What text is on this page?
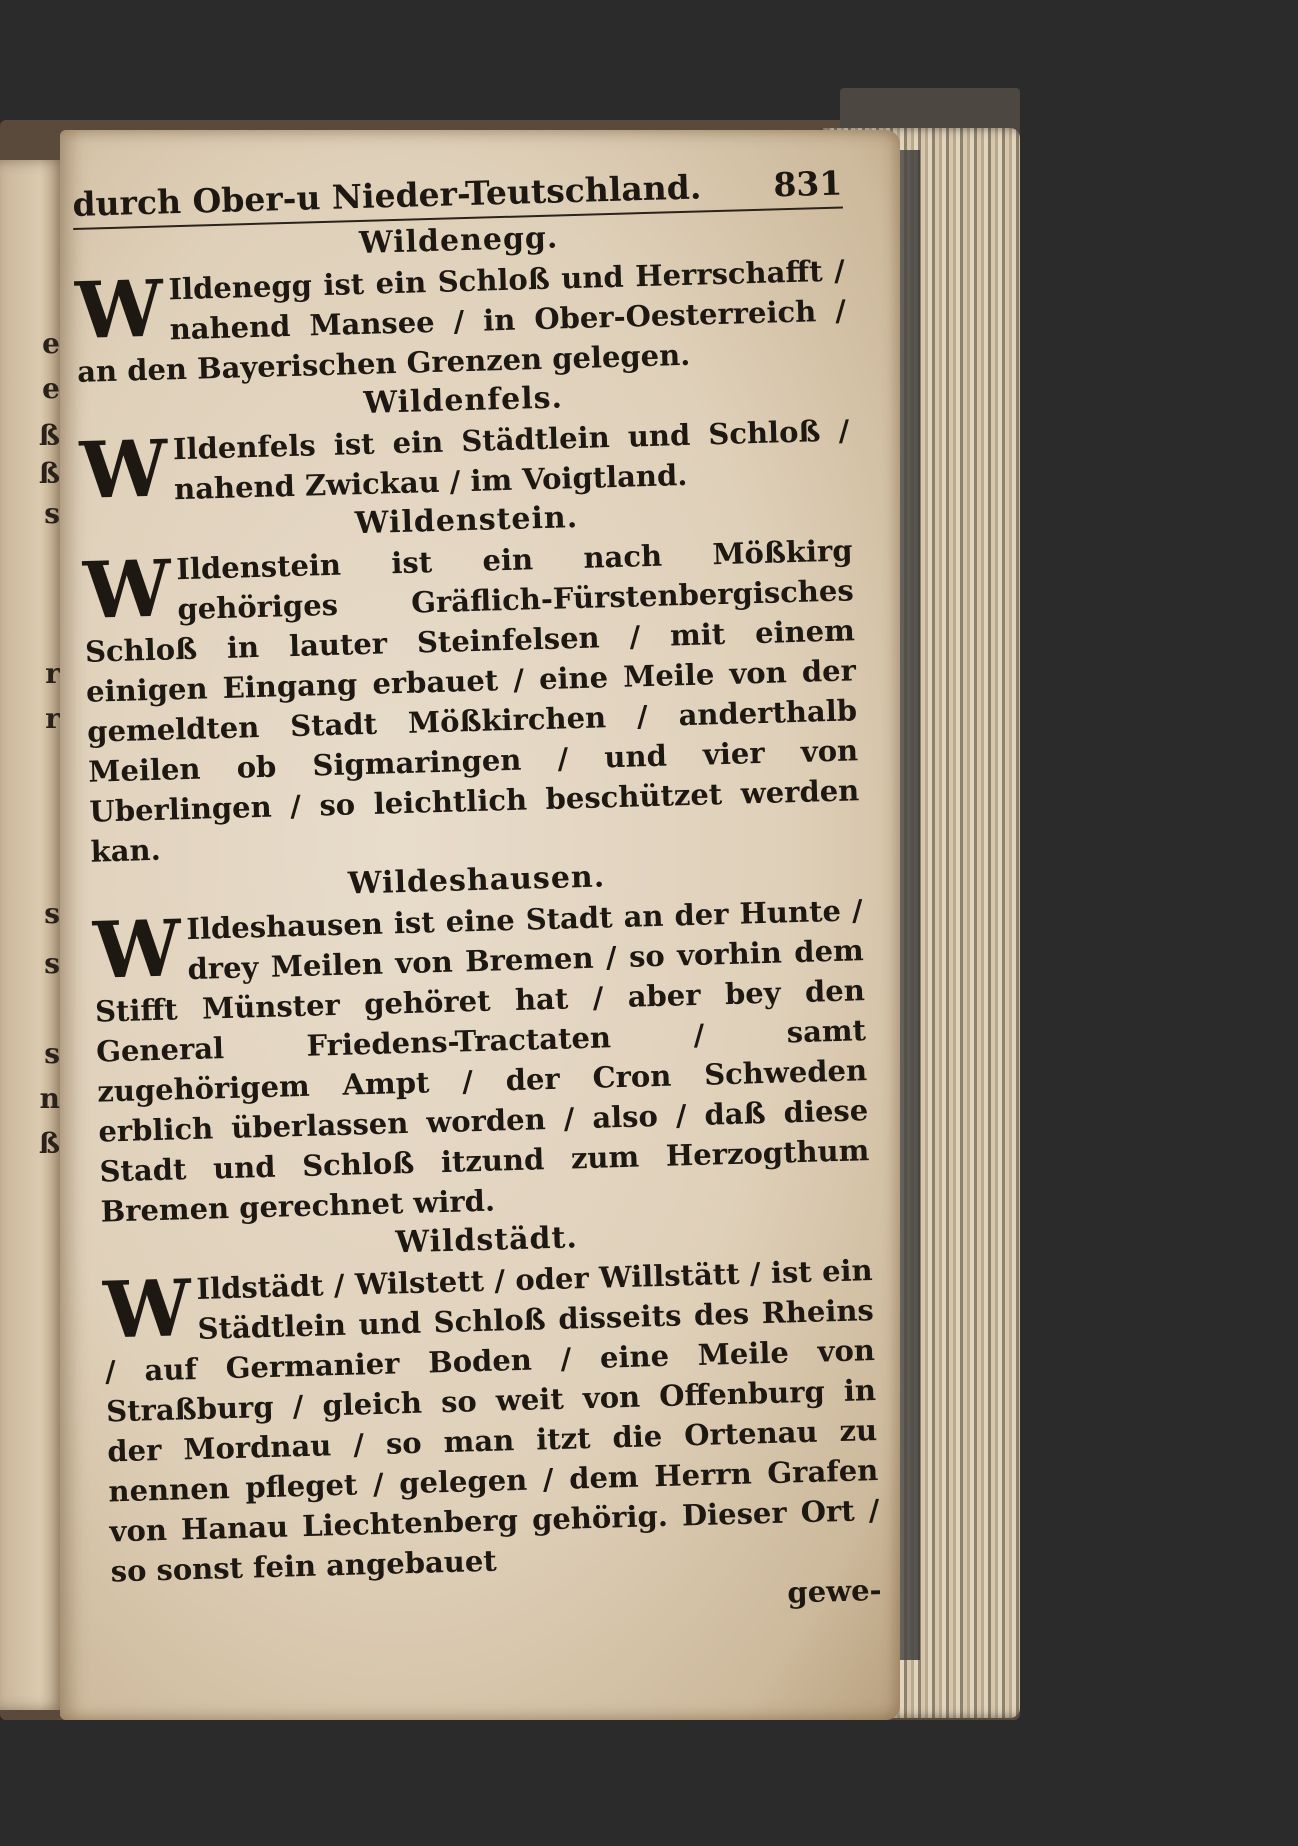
e
e
ß
ß
s
r
r
s
s
s
n
ß
durch Ober-u Nieder-Teutschland. 831
Wildenegg.

W Ildenegg ist ein Schloß und Herrschafft / nahend Mansee / in Ober-Oesterreich / an den Bayerischen Grenzen gelegen.

Wildenfels.

W Ildenfels ist ein Städtlein und Schloß / nahend Zwickau / im Voigtland.

Wildenstein.

W Ildenstein ist ein nach Mößkirg gehöriges Gräflich-Fürstenbergisches Schloß in lauter Steinfelsen / mit einem einigen Eingang erbauet / eine Meile von der gemeldten Stadt Mößkirchen / anderthalb Meilen ob Sigmaringen / und vier von Uberlingen / so leichtlich beschützet werden kan.

Wildeshausen.

W Ildeshausen ist eine Stadt an der Hunte / drey Meilen von Bremen / so vorhin dem Stifft Münster gehöret hat / aber bey den General Friedens-Tractaten / samt zugehörigem Ampt / der Cron Schweden erblich überlassen worden / also / daß diese Stadt und Schloß itzund zum Herzogthum Bremen gerechnet wird.

Wildstädt.

W Ildstädt / Wilstett / oder Willstätt / ist ein Städtlein und Schloß disseits des Rheins / auf Germanier Boden / eine Meile von Straßburg / gleich so weit von Offenburg in der Mordnau / so man itzt die Ortenau zu nennen pfleget / gelegen / dem Herrn Grafen von Hanau Liechtenberg gehörig. Dieser Ort / so sonst fein angebauet

gewe-
